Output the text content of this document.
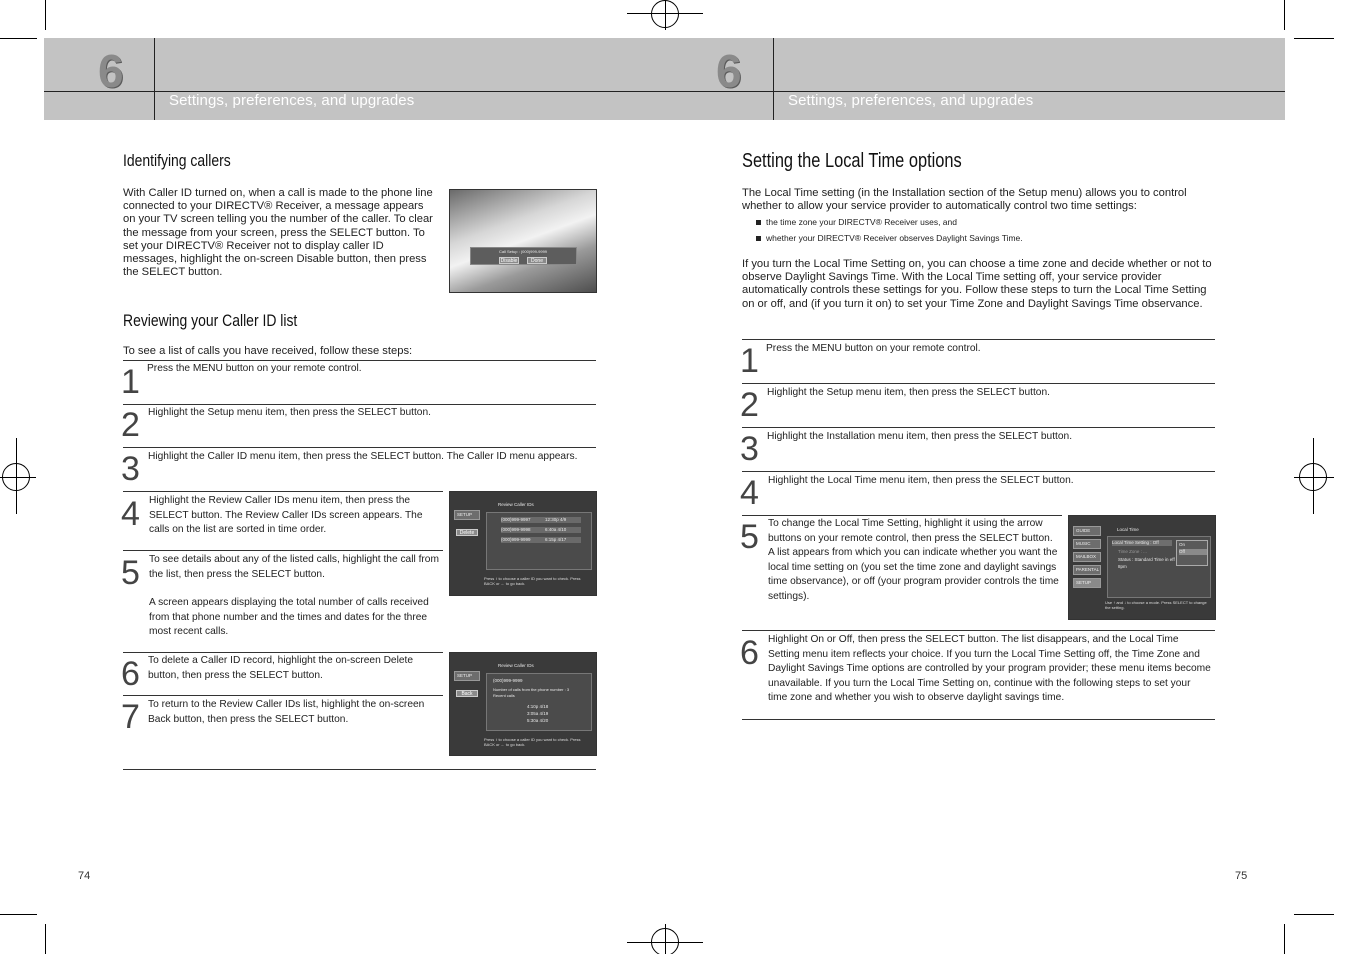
6	6
Settings, preferences, and upgrades	Settings, preferences, and upgrades
Identifying callers
With Caller ID turned on, when a call is made to the phone line connected to your DIRECTV® Receiver, a message appears on your TV screen telling you the number of the caller. To clear the message from your screen, press the SELECT button. To set your DIRECTV® Receiver not to display caller ID messages, highlight the on-screen Disable button, then press the SELECT button.
Call Setup : (000)999-9999
Disable	Done
Reviewing your Caller ID list
To see a list of calls you have received, follow these steps:
1 Press the MENU button on your remote control.
2 Highlight the Setup menu item, then press the SELECT button.
3 Highlight the Caller ID menu item, then press the SELECT button. The Caller ID menu appears.
4 Highlight the Review Caller IDs menu item, then press the SELECT button. The Review Caller IDs screen appears. The calls on the list are sorted in time order.
5 To see details about any of the listed calls, highlight the call from the list, then press the SELECT button.
A screen appears displaying the total number of calls received from that phone number and the times and dates for the three most recent calls.
6 To delete a Caller ID record, highlight the on-screen Delete button, then press the SELECT button.
7 To return to the Review Caller IDs list, highlight the on-screen Back button, then press the SELECT button.
SETUP
Review Caller IDs
Delete
(000)999-9997	12:30p 4/9
(000)999-9998	6:40a 4/10
(000)999-9999	6:15p 4/17
Press ↕ to choose a caller ID you want to check. Press BACK or ← to go back.
SETUP
Review Caller IDs
Back
(000)999-9999
Number of calls from the phone number : 3
Recent calls
4:10p 4/18
3:05a 4/19
5:30a 4/20
Press ↕ to choose a caller ID you want to check. Press BACK or ← to go back.
74
Setting the Local Time options
The Local Time setting (in the Installation section of the Setup menu) allows you to control whether to allow your service provider to automatically control two time settings:
the time zone your DIRECTV® Receiver uses, and
whether your DIRECTV® Receiver observes Daylight Savings Time.
If you turn the Local Time Setting on, you can choose a time zone and decide whether or not to observe Daylight Savings Time. With the Local Time setting off, your service provider automatically controls these settings for you. Follow these steps to turn the Local Time Setting on or off, and (if you turn it on) to set your Time Zone and Daylight Savings Time observance.
1 Press the MENU button on your remote control.
2 Highlight the Setup menu item, then press the SELECT button.
3 Highlight the Installation menu item, then press the SELECT button.
4 Highlight the Local Time menu item, then press the SELECT button.
5 To change the Local Time Setting, highlight it using the arrow buttons on your remote control, then press the SELECT button. A list appears from which you can indicate whether you want the local time setting on (you set the time zone and daylight savings time observance), or off (your program provider controls the time settings).
6 Highlight On or Off, then press the SELECT button. The list disappears, and the Local Time Setting menu item reflects your choice. If you turn the Local Time Setting off, the Time Zone and Daylight Savings Time options are controlled by your program provider; these menu items become unavailable. If you turn the Local Time Setting on, continue with the following steps to set your time zone and whether you wish to observe daylight savings time.
GUIDE
MUSIC
MAILBOX
PARENTAL
SETUP
Local Time
Local Time Setting : Off
Time Zone : ...
Status : Standard Time in eff
8pm
On
Off
Use ↑ and ↓ to choose a mode. Press SELECT to change the setting.
75
